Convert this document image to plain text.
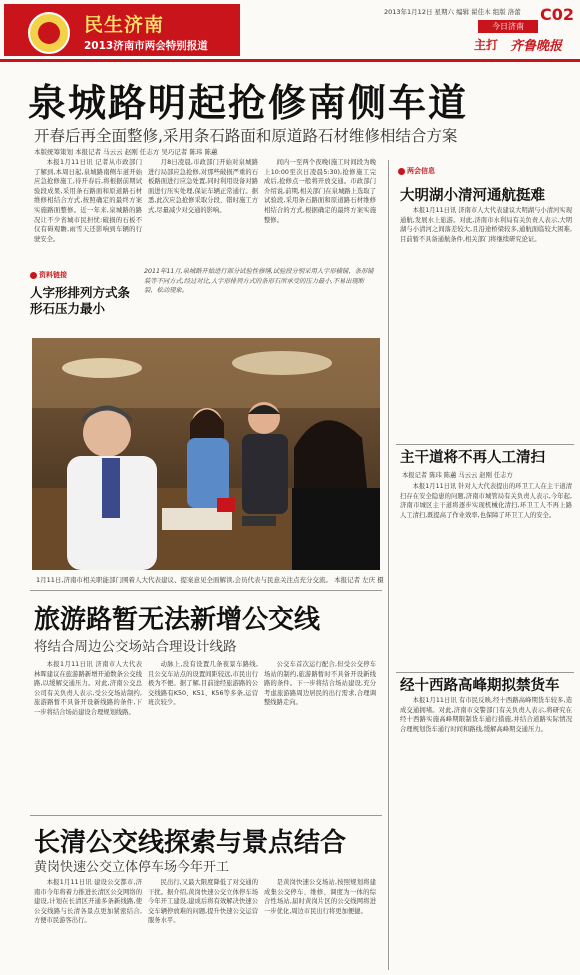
民生济南
2013济南市两会特别报道
2013年1月12日 星期六 编辑 翟佳木 组版 洛蕾 C02
今日济南
主打 齐鲁晚报
泉城路明起抢修南侧车道
开春后再全面整修,采用条石路面和原道路石材维修相结合方案
本版统筹策划 本报记者 马云云 赵刚 任志方 吴巧记者 陈玮 陈蕙

本报1月11日讯 记者从市政部门了解到,本周日起,泉城路南侧车道开始应急抢修施工,待开春后,将根据前期试验段成果,采用条石路面和原道路石材维修相结合方式,按照确定的最终方案实施路面整修。近一年来,泉城路的路况让不少省城市民担忧:破损的石板不仅有碍观瞻,雨雪天还影响到车辆的行驶安全。

月8日凌晨,市政部门开始对泉城路进行局部应急抢修,对那些破损严重的石板路面进行应急处置,同时利用设备对路面进行压实处理,保证车辆正常通行。据悉,此次应急抢修采取分段、错时施工方式,尽量减少对交通的影响。

间内一至两个夜晚(施工时间段为晚上10:00至次日凌晨5:30),抢修施工完成后,抢修点一般将开放交通。市政部门介绍说,前期,相关部门在泉城路上选取了试验段,采用条石路面和原道路石材维修相结合的方式,根据确定的最终方案实施整修。

资料链接
人字形排列方式条形石压力最小
2011年11月,泉城路开始进行部分试验性修缮,试验段分别采用人字形横铺、条形铺装等不同方式,经过对比,人字形排列方式的条形石所承受的压力最小,不易出现断裂、松动现象。
1月11日,济南市相关职能部门围着人大代表建议、提案意见全面解读,会员代表与民意关注点充分交流。 本报记者 左庆 摄
旅游路暂无法新增公交线
将结合周边公交场站合理设计线路

本报1月11日讯 济南市人大代表林晖建议在旅游路新增开通数条公交线路,以缓解交通压力。对此,济南公交总公司有关负责人表示,受公交场站制约,旅游路暂不具备开设新线路的条件,下一步将结合场站建设合理规划线路。

动脉上,没有设置几条夜景车路线,且公交车站点的设置间距较远,市民出行极为不便。据了解,目前途经旅游路的公交线路有K50、K51、K56等多条,运营班次较少。

公交车首次运行配合,但受公交停车场站的制约,旅游路暂时不具备开设新线路的条件。下一步将结合场站建设,充分考虑旅游路周边居民的出行需求,合理调整线路走向。

长清公交线探索与景点结合
黄岗快速公交立体停车场今年开工

本报1月11日讯 建设公交都市,济南市今年将着力推进长清区公交网络的建设,计划在长清区开通多条新线路,使公交线路与长清各景点更加紧密结合,方便市民游客出行。

民出行,又最大限度降低了对交通的干扰。据介绍,黄岗快速公交立体停车场今年开工建设,建成后将有效解决快速公交车辆停放难的问题,提升快速公交运营服务水平。

是黄岗快速公交场站,按照规划将建成集公交停车、维修、调度为一体的综合性场站,届时黄岗片区的公交线网将进一步优化,周边市民出行将更加便捷。

两会信息
大明湖小清河通航挺难

本报1月11日讯 济南市人大代表建议大明湖与小清河实现通航,发展水上旅游。对此,济南市水利局有关负责人表示,大明湖与小清河之间落差较大,且沿途桥梁较多,通航面临较大困难,目前暂不具备通航条件,相关部门将继续研究论证。

主干道将不再人工清扫
本报记者 陈玮 陈蕙 马云云 赵刚 任志方

本报1月11日讯 针对人大代表提出的环卫工人在主干道清扫存在安全隐患的问题,济南市城管局有关负责人表示,今年起,济南市城区主干道将逐步实现机械化清扫,环卫工人不再上路人工清扫,既提高了作业效率,也保障了环卫工人的安全。

经十西路高峰期拟禁货车

本报1月11日讯 有市民反映,经十西路高峰期货车较多,造成交通拥堵。对此,济南市交警部门有关负责人表示,将研究在经十西路实施高峰期限制货车通行措施,并结合道路实际情况合理规划货车通行时间和路线,缓解高峰期交通压力。
